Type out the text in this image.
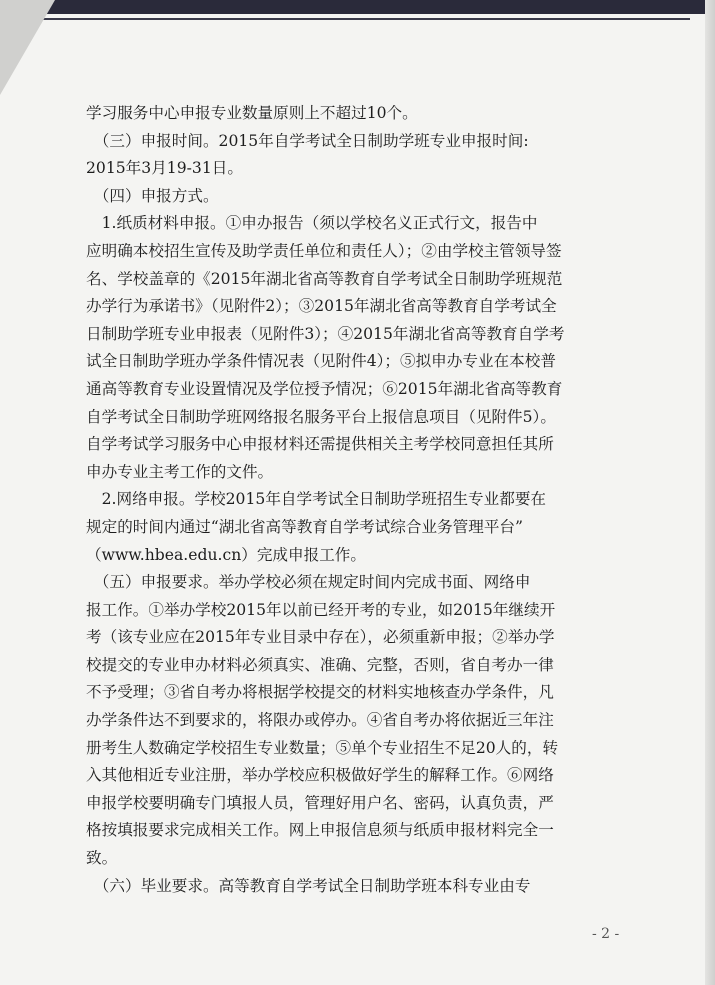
学习服务中心申报专业数量原则上不超过10个。

　（三）申报时间。2015年自学考试全日制助学班专业申报时间:

2015年3月19-31日。

　（四）申报方式。

　1.纸质材料申报。①申办报告（须以学校名义正式行文，报告中

应明确本校招生宣传及助学责任单位和责任人）；②由学校主管领导签

名、学校盖章的《2015年湖北省高等教育自学考试全日制助学班规范

办学行为承诺书》（见附件2）；③2015年湖北省高等教育自学考试全

日制助学班专业申报表（见附件3）；④2015年湖北省高等教育自学考

试全日制助学班办学条件情况表（见附件4）；⑤拟申办专业在本校普

通高等教育专业设置情况及学位授予情况；⑥2015年湖北省高等教育

自学考试全日制助学班网络报名服务平台上报信息项目（见附件5）。

自学考试学习服务中心申报材料还需提供相关主考学校同意担任其所

申办专业主考工作的文件。

　2.网络申报。学校2015年自学考试全日制助学班招生专业都要在

规定的时间内通过“湖北省高等教育自学考试综合业务管理平台”

（www.hbea.edu.cn）完成申报工作。

　（五）申报要求。举办学校必须在规定时间内完成书面、网络申

报工作。①举办学校2015年以前已经开考的专业，如2015年继续开

考（该专业应在2015年专业目录中存在），必须重新申报；②举办学

校提交的专业申办材料必须真实、准确、完整，否则，省自考办一律

不予受理；③省自考办将根据学校提交的材料实地核查办学条件，凡

办学条件达不到要求的，将限办或停办。④省自考办将依据近三年注

册考生人数确定学校招生专业数量；⑤单个专业招生不足20人的，转

入其他相近专业注册，举办学校应积极做好学生的解释工作。⑥网络

申报学校要明确专门填报人员，管理好用户名、密码，认真负责，严

格按填报要求完成相关工作。网上申报信息须与纸质申报材料完全一

致。

　（六）毕业要求。高等教育自学考试全日制助学班本科专业由专

- 2 -
